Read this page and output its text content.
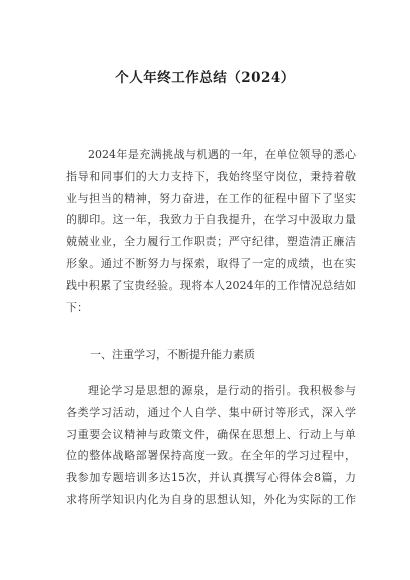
个人年终工作总结（2024）
2024年是充满挑战与机遇的一年，在单位领导的悉心
指导和同事们的大力支持下，我始终坚守岗位，秉持着敬
业与担当的精神，努力奋进，在工作的征程中留下了坚实
的脚印。这一年，我致力于自我提升，在学习中汲取力量
兢兢业业，全力履行工作职责；严守纪律，塑造清正廉洁
形象。通过不断努力与探索，取得了一定的成绩，也在实
践中积累了宝贵经验。现将本人2024年的工作情况总结如
下：
一、注重学习，不断提升能力素质
理论学习是思想的源泉，是行动的指引。我积极参与
各类学习活动，通过个人自学、集中研讨等形式，深入学
习重要会议精神与政策文件，确保在思想上、行动上与单
位的整体战略部署保持高度一致。在全年的学习过程中，
我参加专题培训多达15次，并认真撰写心得体会8篇，力
求将所学知识内化为自身的思想认知，外化为实际的工作
